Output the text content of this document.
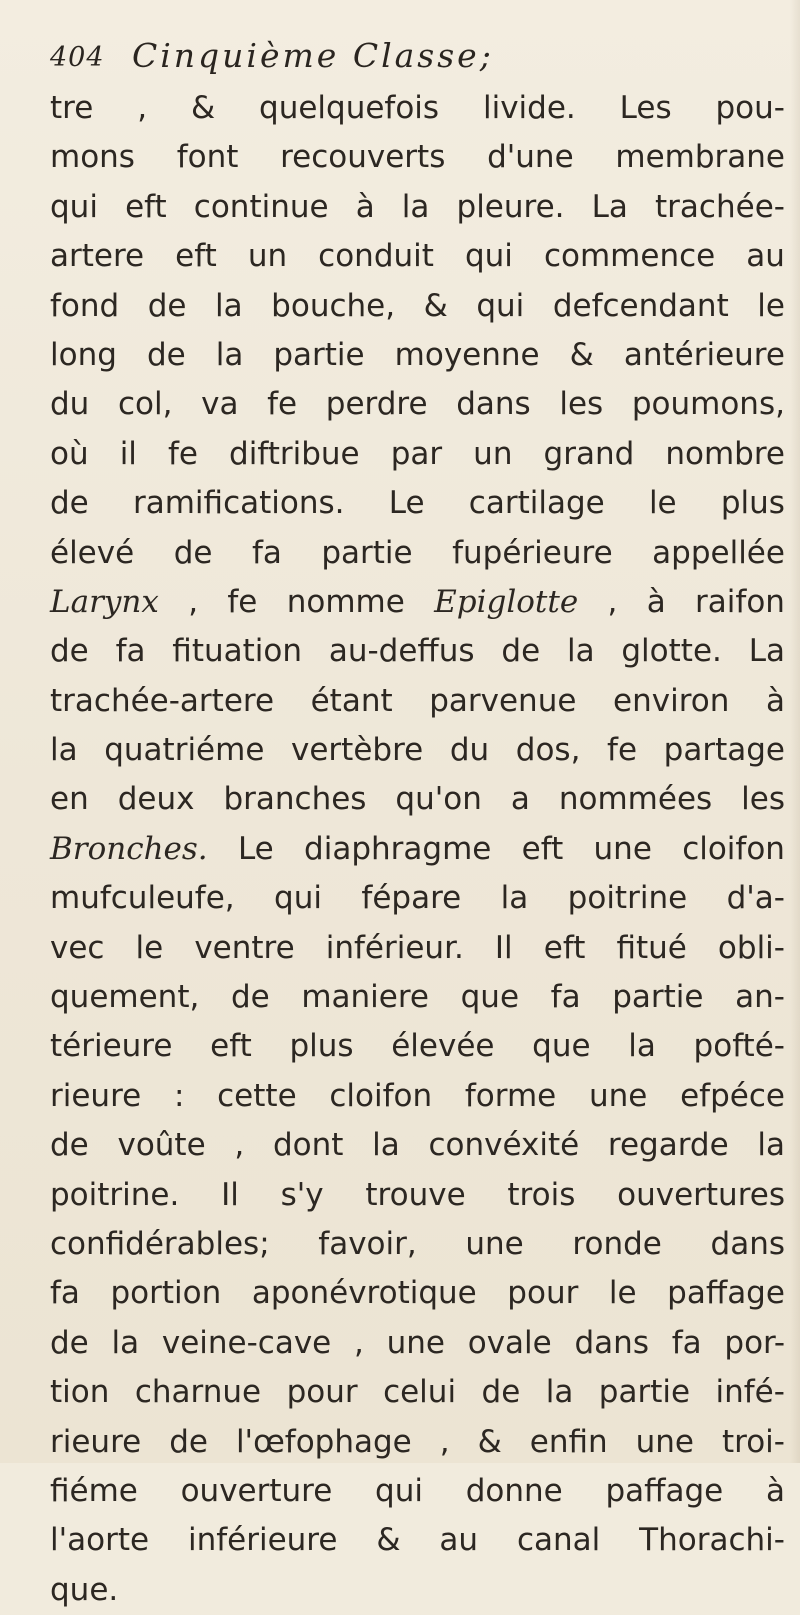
404 Cinquième Classe;
tre , & quelquefois livide. Les pou-
mons font recouverts d'une membrane
qui eft continue à la pleure. La trachée-
artere eft un conduit qui commence au
fond de la bouche, & qui defcendant le
long de la partie moyenne & antérieure
du col, va fe perdre dans les poumons,
où il fe diftribue par un grand nombre
de ramifications. Le cartilage le plus
élevé de fa partie fupérieure appellée
Larynx , fe nomme Epiglotte , à raifon
de fa fituation au-deffus de la glotte. La
trachée-artere étant parvenue environ à
la quatriéme vertèbre du dos, fe partage
en deux branches qu'on a nommées les
Bronches. Le diaphragme eft une cloifon
mufculeufe, qui fépare la poitrine d'a-
vec le ventre inférieur. Il eft fitué obli-
quement, de maniere que fa partie an-
térieure eft plus élevée que la pofté-
rieure : cette cloifon forme une efpéce
de voûte , dont la convéxité regarde la
poitrine. Il s'y trouve trois ouvertures
confidérables; favoir, une ronde dans
fa portion aponévrotique pour le paffage
de la veine-cave , une ovale dans fa por-
tion charnue pour celui de la partie infé-
rieure de l'œfophage , & enfin une troi-
fiéme ouverture qui donne paffage à
l'aorte inférieure & au canal Thorachi-
que.
